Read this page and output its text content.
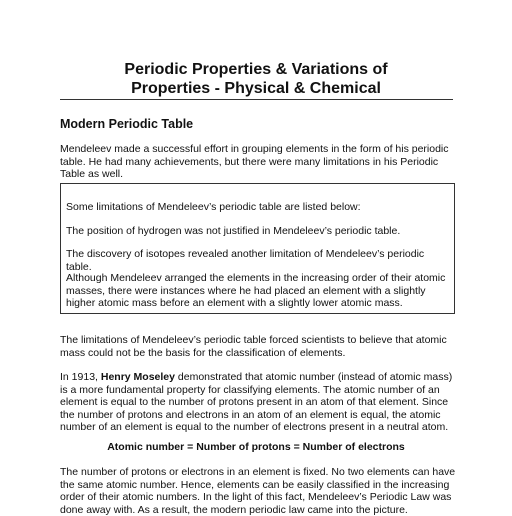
Periodic Properties & Variations of
Properties - Physical & Chemical
Modern Periodic Table
Mendeleev made a successful effort in grouping elements in the form of his periodic table. He had many achievements, but there were many limitations in his Periodic Table as well.
Some limitations of Mendeleev’s periodic table are listed below:
The position of hydrogen was not justified in Mendeleev’s periodic table.
The discovery of isotopes revealed another limitation of Mendeleev’s periodic table.
Although Mendeleev arranged the elements in the increasing order of their atomic masses, there were instances where he had placed an element with a slightly higher atomic mass before an element with a slightly lower atomic mass.
The limitations of Mendeleev’s periodic table forced scientists to believe that atomic mass could not be the basis for the classification of elements.
In 1913, Henry Moseley demonstrated that atomic number (instead of atomic mass) is a more fundamental property for classifying elements. The atomic number of an element is equal to the number of protons present in an atom of that element. Since the number of protons and electrons in an atom of an element is equal, the atomic number of an element is equal to the number of electrons present in a neutral atom.
Atomic number = Number of protons = Number of electrons
The number of protons or electrons in an element is fixed. No two elements can have the same atomic number. Hence, elements can be easily classified in the increasing order of their atomic numbers. In the light of this fact, Mendeleev’s Periodic Law was done away with. As a result, the modern periodic law came into the picture.
